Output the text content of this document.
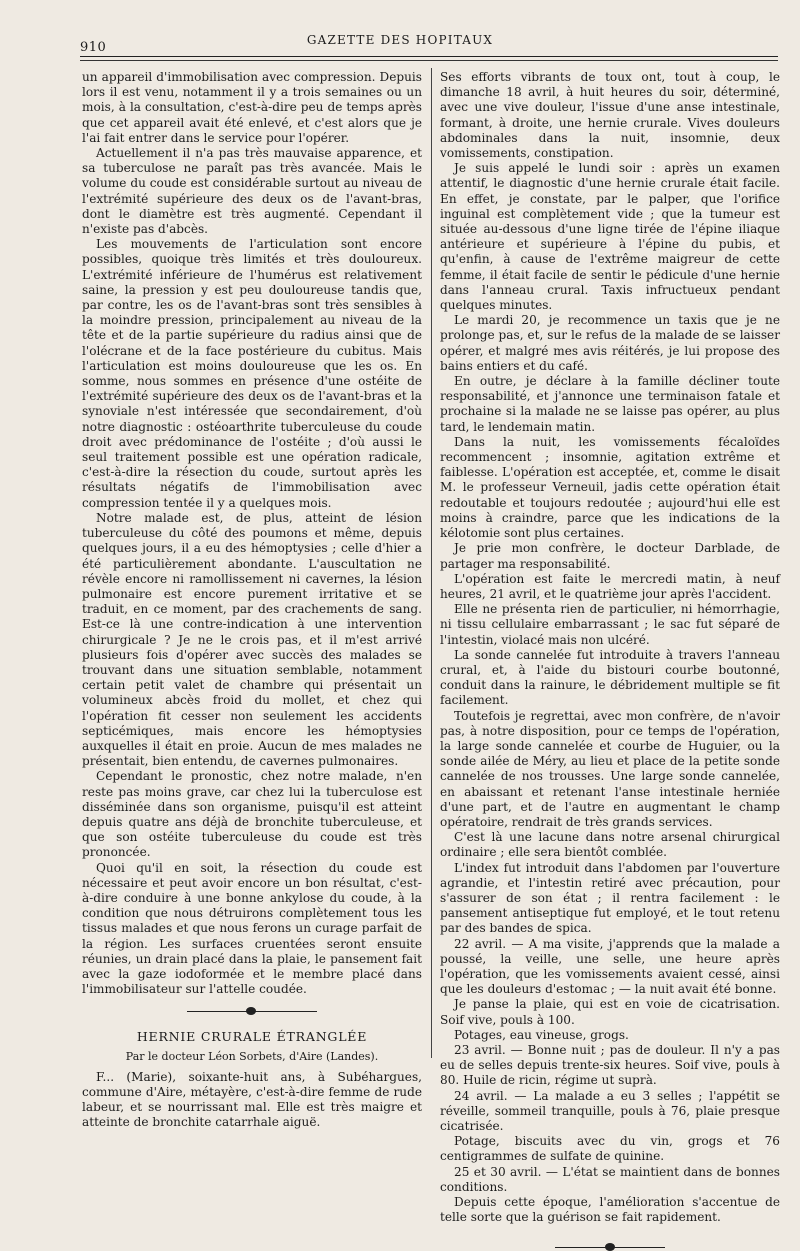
910	GAZETTE DES HOPITAUX

un appareil d'immobilisation avec compression. Depuis lors il est venu, notamment il y a trois semaines ou un mois, à la consultation, c'est-à-dire peu de temps après que cet appareil avait été enlevé, et c'est alors que je l'ai fait entrer dans le service pour l'opérer.

Actuellement il n'a pas très mauvaise apparence, et sa tuberculose ne paraît pas très avancée. Mais le volume du coude est considérable surtout au niveau de l'extrémité supérieure des deux os de l'avant-bras, dont le diamètre est très augmenté. Cependant il n'existe pas d'abcès.

Les mouvements de l'articulation sont encore possibles, quoique très limités et très douloureux. L'extrémité inférieure de l'humérus est relativement saine, la pression y est peu douloureuse tandis que, par contre, les os de l'avant-bras sont très sensibles à la moindre pression, principalement au niveau de la tête et de la partie supérieure du radius ainsi que de l'olécrane et de la face postérieure du cubitus. Mais l'articulation est moins douloureuse que les os. En somme, nous sommes en présence d'une ostéite de l'extrémité supérieure des deux os de l'avant-bras et la synoviale n'est intéressée que secondairement, d'où notre diagnostic : ostéoarthrite tuberculeuse du coude droit avec prédominance de l'ostéite ; d'où aussi le seul traitement possible est une opération radicale, c'est-à-dire la résection du coude, surtout après les résultats négatifs de l'immobilisation avec compression tentée il y a quelques mois.

Notre malade est, de plus, atteint de lésion tuberculeuse du côté des poumons et même, depuis quelques jours, il a eu des hémoptysies ; celle d'hier a été particulièrement abondante. L'auscultation ne révèle encore ni ramollissement ni cavernes, la lésion pulmonaire est encore purement irritative et se traduit, en ce moment, par des crachements de sang. Est-ce là une contre-indication à une intervention chirurgicale ? Je ne le crois pas, et il m'est arrivé plusieurs fois d'opérer avec succès des malades se trouvant dans une situation semblable, notamment certain petit valet de chambre qui présentait un volumineux abcès froid du mollet, et chez qui l'opération fit cesser non seulement les accidents septicémiques, mais encore les hémoptysies auxquelles il était en proie. Aucun de mes malades ne présentait, bien entendu, de cavernes pulmonaires.

Cependant le pronostic, chez notre malade, n'en reste pas moins grave, car chez lui la tuberculose est disséminée dans son organisme, puisqu'il est atteint depuis quatre ans déjà de bronchite tuberculeuse, et que son ostéite tuberculeuse du coude est très prononcée.

Quoi qu'il en soit, la résection du coude est nécessaire et peut avoir encore un bon résultat, c'est-à-dire conduire à une bonne ankylose du coude, à la condition que nous détruirons complètement tous les tissus malades et que nous ferons un curage parfait de la région. Les surfaces cruentées seront ensuite réunies, un drain placé dans la plaie, le pansement fait avec la gaze iodoformée et le membre placé dans l'immobilisateur sur l'attelle coudée.

HERNIE CRURALE ÉTRANGLÉE
Par le docteur Léon Sorbets, d'Aire (Landes).

F... (Marie), soixante-huit ans, à Subéhargues, commune d'Aire, métayère, c'est-à-dire femme de rude labeur, et se nourrissant mal. Elle est très maigre et atteinte de bronchite catarrhale aiguë.

Ses efforts vibrants de toux ont, tout à coup, le dimanche 18 avril, à huit heures du soir, déterminé, avec une vive douleur, l'issue d'une anse intestinale, formant, à droite, une hernie crurale. Vives douleurs abdominales dans la nuit, insomnie, deux vomissements, constipation.

Je suis appelé le lundi soir : après un examen attentif, le diagnostic d'une hernie crurale était facile. En effet, je constate, par le palper, que l'orifice inguinal est complètement vide ; que la tumeur est située au-dessous d'une ligne tirée de l'épine iliaque antérieure et supérieure à l'épine du pubis, et qu'enfin, à cause de l'extrême maigreur de cette femme, il était facile de sentir le pédicule d'une hernie dans l'anneau crural. Taxis infructueux pendant quelques minutes.

Le mardi 20, je recommence un taxis que je ne prolonge pas, et, sur le refus de la malade de se laisser opérer, et malgré mes avis réitérés, je lui propose des bains entiers et du café.

En outre, je déclare à la famille décliner toute responsabilité, et j'annonce une terminaison fatale et prochaine si la malade ne se laisse pas opérer, au plus tard, le lendemain matin.

Dans la nuit, les vomissements fécaloïdes recommencent ; insomnie, agitation extrême et faiblesse. L'opération est acceptée, et, comme le disait M. le professeur Verneuil, jadis cette opération était redoutable et toujours redoutée ; aujourd'hui elle est moins à craindre, parce que les indications de la kélotomie sont plus certaines.

Je prie mon confrère, le docteur Darblade, de partager ma responsabilité.

L'opération est faite le mercredi matin, à neuf heures, 21 avril, et le quatrième jour après l'accident.

Elle ne présenta rien de particulier, ni hémorrhagie, ni tissu cellulaire embarrassant ; le sac fut séparé de l'intestin, violacé mais non ulcéré.

La sonde cannelée fut introduite à travers l'anneau crural, et, à l'aide du bistouri courbe boutonné, conduit dans la rainure, le débridement multiple se fit facilement.

Toutefois je regrettai, avec mon confrère, de n'avoir pas, à notre disposition, pour ce temps de l'opération, la large sonde cannelée et courbe de Huguier, ou la sonde ailée de Méry, au lieu et place de la petite sonde cannelée de nos trousses. Une large sonde cannelée, en abaissant et retenant l'anse intestinale herniée d'une part, et de l'autre en augmentant le champ opératoire, rendrait de très grands services.

C'est là une lacune dans notre arsenal chirurgical ordinaire ; elle sera bientôt comblée.

L'index fut introduit dans l'abdomen par l'ouverture agrandie, et l'intestin retiré avec précaution, pour s'assurer de son état ; il rentra facilement : le pansement antiseptique fut employé, et le tout retenu par des bandes de spica.

22 avril. — A ma visite, j'apprends que la malade a poussé, la veille, une selle, une heure après l'opération, que les vomissements avaient cessé, ainsi que les douleurs d'estomac ; — la nuit avait été bonne.

Je panse la plaie, qui est en voie de cicatrisation. Soif vive, pouls à 100.

Potages, eau vineuse, grogs.

23 avril. — Bonne nuit ; pas de douleur. Il n'y a pas eu de selles depuis trente-six heures. Soif vive, pouls à 80. Huile de ricin, régime ut suprà.

24 avril. — La malade a eu 3 selles ; l'appétit se réveille, sommeil tranquille, pouls à 76, plaie presque cicatrisée.

Potage, biscuits avec du vin, grogs et 76 centigrammes de sulfate de quinine.

25 et 30 avril. — L'état se maintient dans de bonnes conditions.

Depuis cette époque, l'amélioration s'accentue de telle sorte que la guérison se fait rapidement.
